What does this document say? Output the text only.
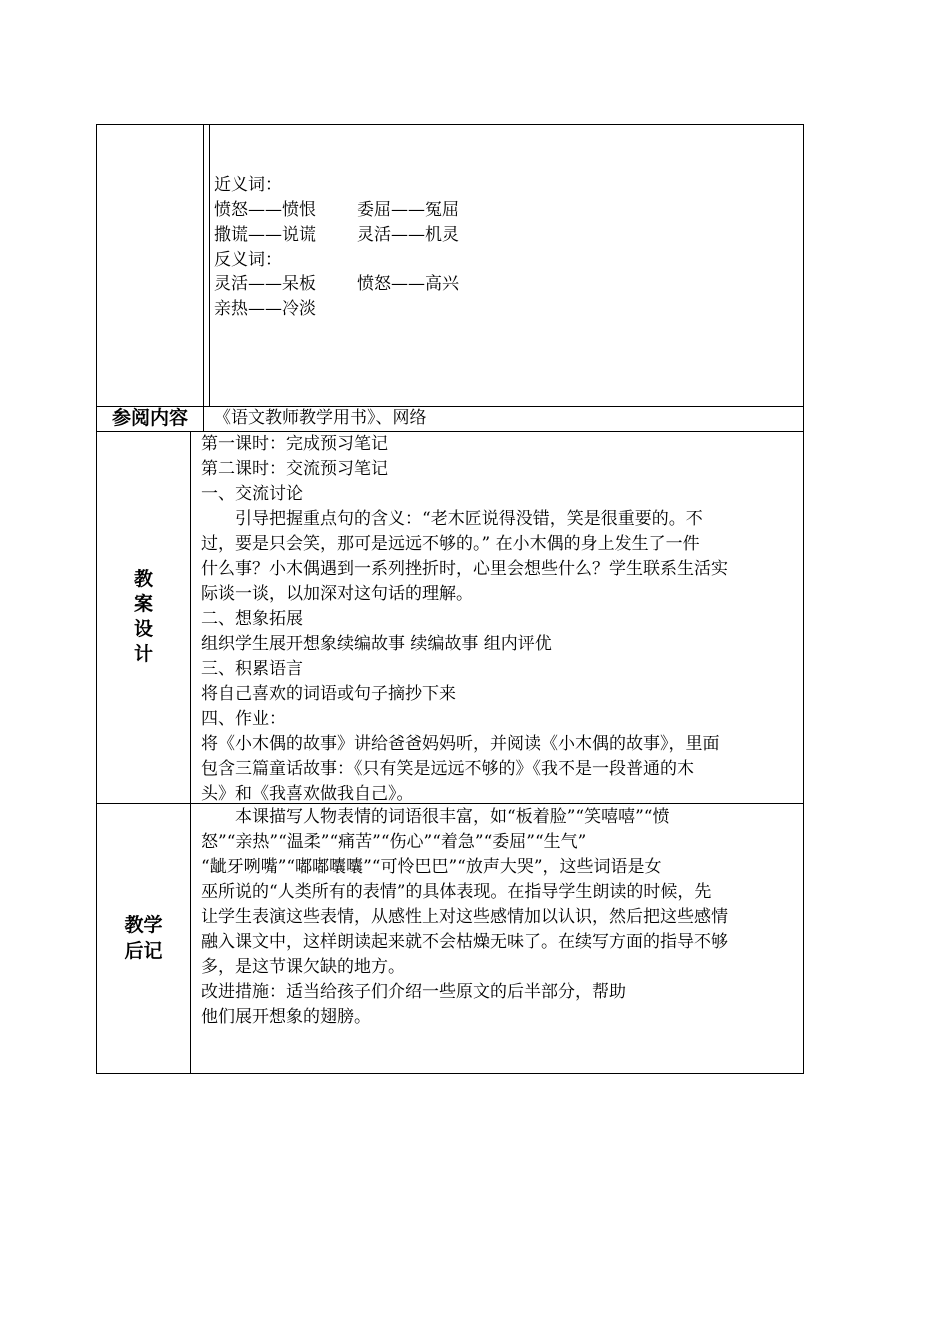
近义词：
愤怒——愤恨 委屈——冤屈
撒谎——说谎 灵活——机灵
反义词：
灵活——呆板 愤怒——高兴
亲热——冷淡
参阅内容	《语文教师教学用书》、网络
教
案
设
计
第一课时：完成预习笔记
第二课时：交流预习笔记
一、交流讨论
　　引导把握重点句的含义：“老木匠说得没错，笑是很重要的。不
过，要是只会笑，那可是远远不够的。” 在小木偶的身上发生了一件
什么事？小木偶遇到一系列挫折时，心里会想些什么？学生联系生活实
际谈一谈，以加深对这句话的理解。
二、想象拓展
组织学生展开想象续编故事 续编故事 组内评优
三、积累语言
将自己喜欢的词语或句子摘抄下来
四、作业：
将《小木偶的故事》讲给爸爸妈妈听，并阅读《小木偶的故事》，里面
包含三篇童话故事：《只有笑是远远不够的》《我不是一段普通的木
头》和《我喜欢做我自己》。
教学
后记
　　本课描写人物表情的词语很丰富，如“板着脸”“笑嘻嘻”“愤
怒”“亲热”“温柔”“痛苦”“伤心”“着急”“委屈”“生气”
“龇牙咧嘴”“嘟嘟囔囔”“可怜巴巴”“放声大哭”，这些词语是女
巫所说的“人类所有的表情”的具体表现。在指导学生朗读的时候，先
让学生表演这些表情，从感性上对这些感情加以认识，然后把这些感情
融入课文中，这样朗读起来就不会枯燥无味了。在续写方面的指导不够
多，是这节课欠缺的地方。
改进措施：适当给孩子们介绍一些原文的后半部分，帮助
他们展开想象的翅膀。
